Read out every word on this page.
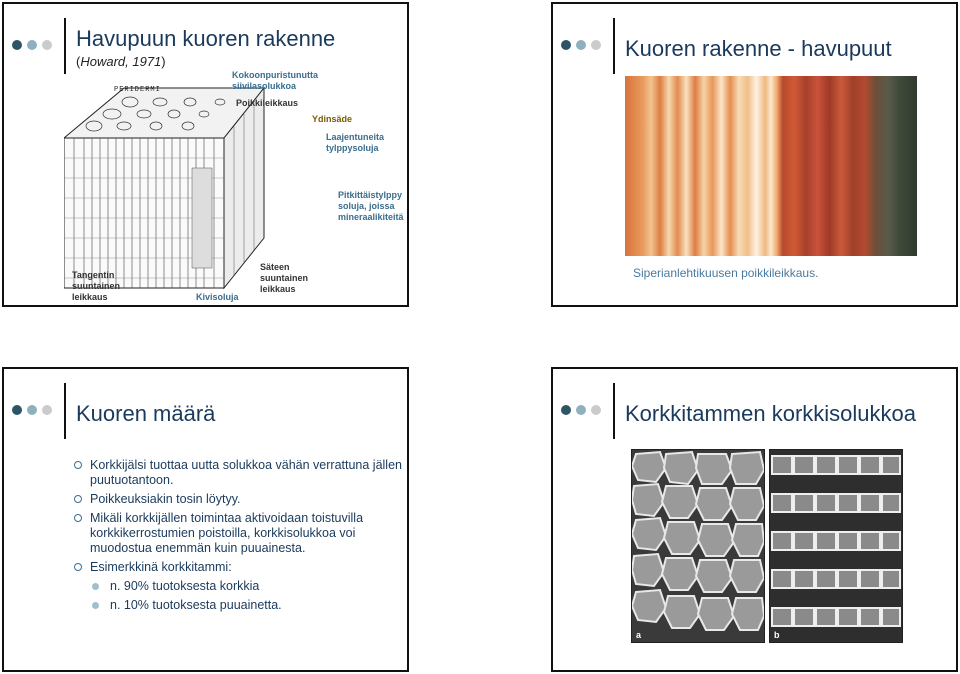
Havupuun kuoren rakenne
(Howard, 1971)
PERIDERMI
Kokoonpuristunutta
siivilasolukkoa
Poikkileikkaus
Ydinsäde
Laajentuneita
tylppysoluja
Pitkittäistylppy
soluja, joissa
mineraalikiteitä
Tangentin
suuntainen
leikkaus	Kivisoluja
Säteen
suuntainen
leikkaus
Kuoren rakenne - havupuut
Siperianlehtikuusen poikkileikkaus.
Kuoren määrä
Korkkijälsi tuottaa uutta solukkoa vähän verrattuna jällen puutuotantoon.
Poikkeuksiakin tosin löytyy.
Mikäli korkkijällen toimintaa aktivoidaan toistuvilla korkkikerrostumien poistoilla, korkkisolukkoa voi muodostua enemmän kuin puuainesta.
Esimerkkinä korkkitammi:
n. 90% tuotoksesta korkkia
n. 10% tuotoksesta puuainetta.
Korkkitammen korkkisolukkoa
a	b
